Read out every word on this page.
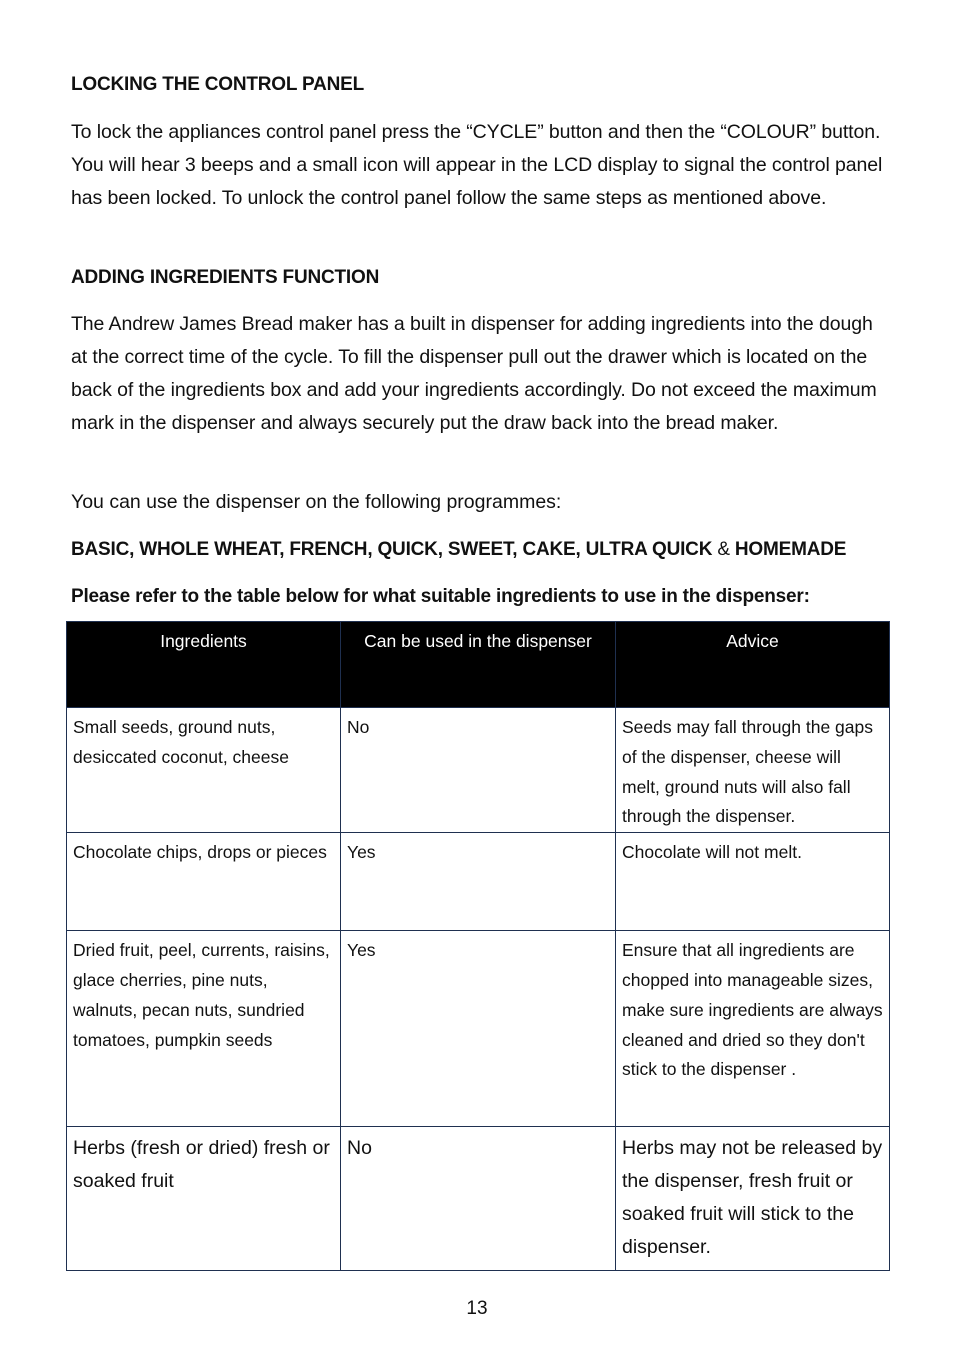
LOCKING THE CONTROL PANEL
To lock the appliances control panel press the “CYCLE” button and then the “COLOUR” button. You will hear 3 beeps and a small icon will appear in the LCD display to signal the control panel has been locked. To unlock the control panel follow the same steps as mentioned above.
ADDING INGREDIENTS FUNCTION
The Andrew James Bread maker has a built in dispenser for adding ingredients into the dough at the correct time of the cycle. To fill the dispenser pull out the drawer which is located on the back of the ingredients box and add your ingredients accordingly. Do not exceed the maximum mark in the dispenser and always securely put the draw back into the bread maker.
You can use the dispenser on the following programmes:
BASIC, WHOLE WHEAT, FRENCH, QUICK, SWEET, CAKE, ULTRA QUICK & HOMEMADE
Please refer to the table below for what suitable ingredients to use in the dispenser:
Ingredients	Can be used in the dispenser	Advice
Small seeds, ground nuts, desiccated coconut, cheese	No	Seeds may fall through the gaps of the dispenser, cheese will melt, ground nuts will also fall through the dispenser.
Chocolate chips, drops or pieces	Yes	Chocolate will not melt.
Dried fruit, peel, currents, raisins, glace cherries, pine nuts, walnuts, pecan nuts, sundried tomatoes, pumpkin seeds	Yes	Ensure that all ingredients are chopped into manageable sizes, make sure ingredients are always cleaned and dried so they don't stick to the dispenser .
Herbs (fresh or dried) fresh or soaked fruit	No	Herbs may not be released by the dispenser, fresh fruit or soaked fruit will stick to the dispenser.
13
